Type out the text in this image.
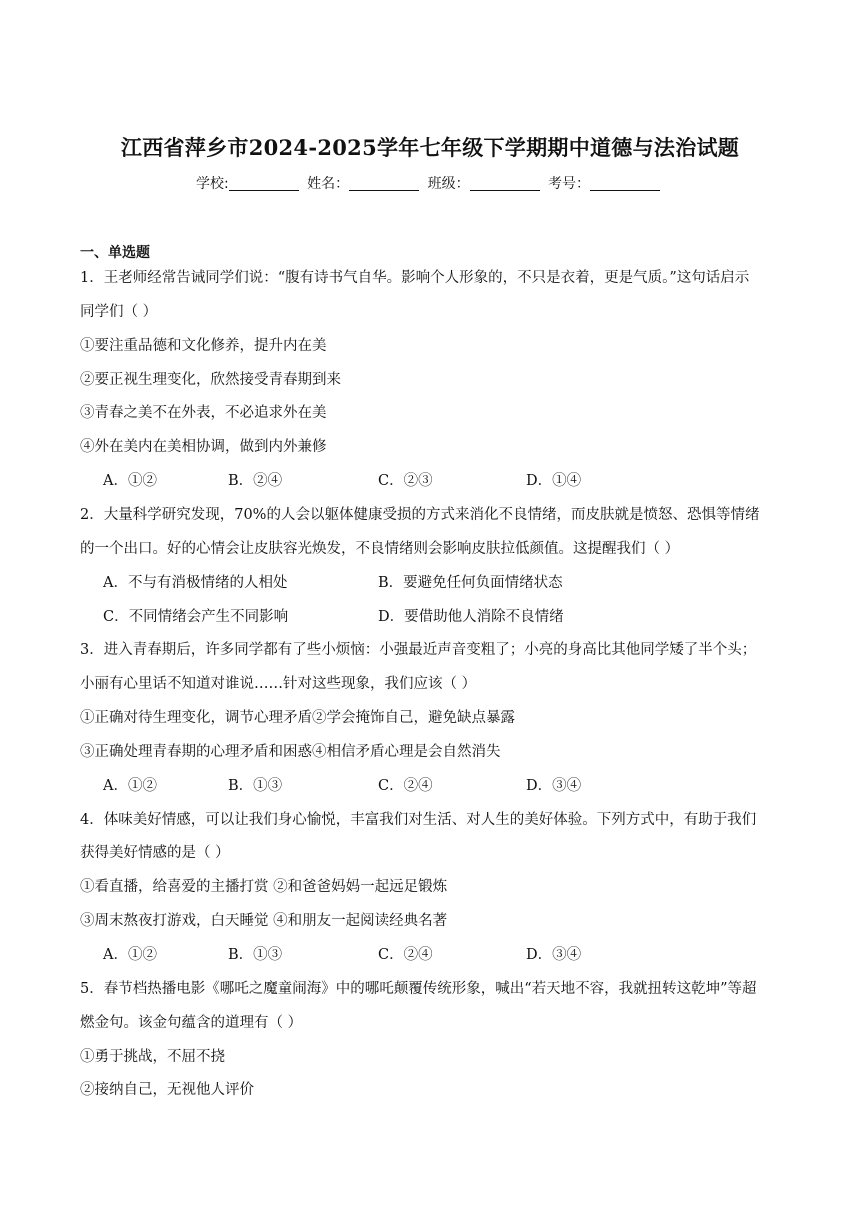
江西省萍乡市2024-2025学年七年级下学期期中道德与法治试题
学校:	姓名：	班级：	考号：
一、单选题
1．王老师经常告诫同学们说：“腹有诗书气自华。影响个人形象的，不只是衣着，更是气质。”这句话启示
同学们（ ）
①要注重品德和文化修养，提升内在美
②要正视生理变化，欣然接受青春期到来
③青春之美不在外表，不必追求外在美
④外在美内在美相协调，做到内外兼修
A．①②	B．②④	C．②③	D．①④
2．大量科学研究发现，70%的人会以躯体健康受损的方式来消化不良情绪，而皮肤就是愤怒、恐惧等情绪
的一个出口。好的心情会让皮肤容光焕发，不良情绪则会影响皮肤拉低颜值。这提醒我们（ ）
A．不与有消极情绪的人相处	B．要避免任何负面情绪状态
C．不同情绪会产生不同影响	D．要借助他人消除不良情绪
3．进入青春期后，许多同学都有了些小烦恼：小强最近声音变粗了；小亮的身高比其他同学矮了半个头；
小丽有心里话不知道对谁说……针对这些现象，我们应该（ ）
①正确对待生理变化，调节心理矛盾②学会掩饰自己，避免缺点暴露
③正确处理青春期的心理矛盾和困惑④相信矛盾心理是会自然消失
A．①②	B．①③	C．②④	D．③④
4．体味美好情感，可以让我们身心愉悦，丰富我们对生活、对人生的美好体验。下列方式中，有助于我们
获得美好情感的是（ ）
①看直播，给喜爱的主播打赏 ②和爸爸妈妈一起远足锻炼
③周末熬夜打游戏，白天睡觉 ④和朋友一起阅读经典名著
A．①②	B．①③	C．②④	D．③④
5．春节档热播电影《哪吒之魔童闹海》中的哪吒颠覆传统形象，喊出“若天地不容，我就扭转这乾坤”等超
燃金句。该金句蕴含的道理有（ ）
①勇于挑战，不屈不挠
②接纳自己，无视他人评价
